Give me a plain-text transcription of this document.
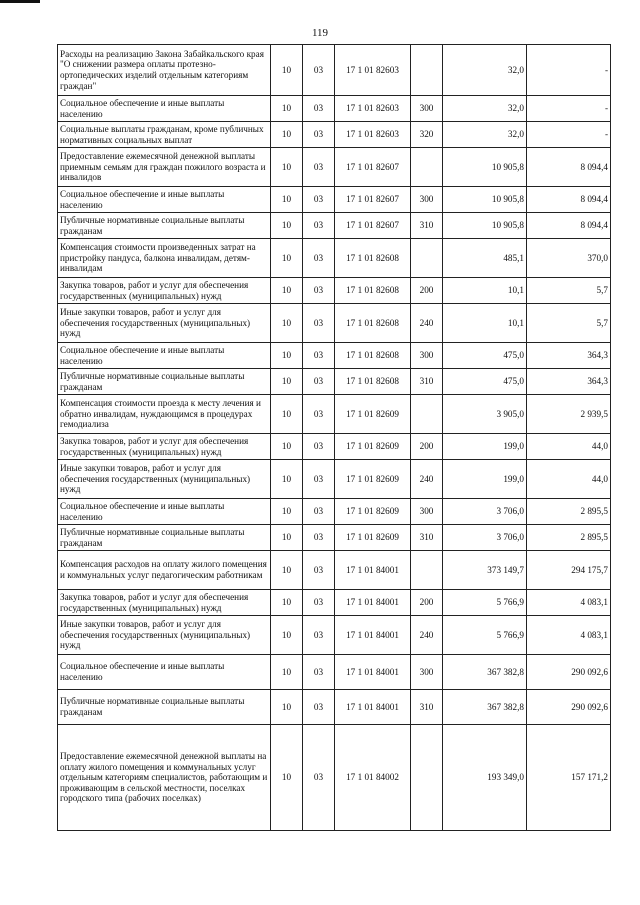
119
Расходы на реализацию Закона Забайкальского края "О снижении размера оплаты протезно-ортопедических изделий отдельным категориям граждан"	10	03	17 1 01 82603		32,0	-
Социальное обеспечение и иные выплаты населению	10	03	17 1 01 82603	300	32,0	-
Социальные выплаты гражданам, кроме публичных нормативных социальных выплат	10	03	17 1 01 82603	320	32,0	-
Предоставление ежемесячной денежной выплаты приемным семьям для граждан пожилого возраста и инвалидов	10	03	17 1 01 82607		10 905,8	8 094,4
Социальное обеспечение и иные выплаты населению	10	03	17 1 01 82607	300	10 905,8	8 094,4
Публичные нормативные социальные выплаты гражданам	10	03	17 1 01 82607	310	10 905,8	8 094,4
Компенсация стоимости произведенных затрат на пристройку пандуса, балкона инвалидам, детям-инвалидам	10	03	17 1 01 82608		485,1	370,0
Закупка товаров, работ и услуг для обеспечения государственных (муниципальных) нужд	10	03	17 1 01 82608	200	10,1	5,7
Иные закупки товаров, работ и услуг для обеспечения государственных (муниципальных) нужд	10	03	17 1 01 82608	240	10,1	5,7
Социальное обеспечение и иные выплаты населению	10	03	17 1 01 82608	300	475,0	364,3
Публичные нормативные социальные выплаты гражданам	10	03	17 1 01 82608	310	475,0	364,3
Компенсация стоимости проезда к месту лечения и обратно инвалидам, нуждающимся в процедурах гемодиализа	10	03	17 1 01 82609		3 905,0	2 939,5
Закупка товаров, работ и услуг для обеспечения государственных (муниципальных) нужд	10	03	17 1 01 82609	200	199,0	44,0
Иные закупки товаров, работ и услуг для обеспечения государственных (муниципальных) нужд	10	03	17 1 01 82609	240	199,0	44,0
Социальное обеспечение и иные выплаты населению	10	03	17 1 01 82609	300	3 706,0	2 895,5
Публичные нормативные социальные выплаты гражданам	10	03	17 1 01 82609	310	3 706,0	2 895,5
Компенсация расходов на оплату жилого помещения и коммунальных услуг педагогическим работникам	10	03	17 1 01 84001		373 149,7	294 175,7
Закупка товаров, работ и услуг для обеспечения государственных (муниципальных) нужд	10	03	17 1 01 84001	200	5 766,9	4 083,1
Иные закупки товаров, работ и услуг для обеспечения государственных (муниципальных) нужд	10	03	17 1 01 84001	240	5 766,9	4 083,1
Социальное обеспечение и иные выплаты населению	10	03	17 1 01 84001	300	367 382,8	290 092,6
Публичные нормативные социальные выплаты гражданам	10	03	17 1 01 84001	310	367 382,8	290 092,6
Предоставление ежемесячной денежной выплаты на оплату жилого помещения и коммунальных услуг отдельным категориям специалистов, работающим и проживающим в сельской местности, поселках городского типа (рабочих поселках)	10	03	17 1 01 84002		193 349,0	157 171,2
